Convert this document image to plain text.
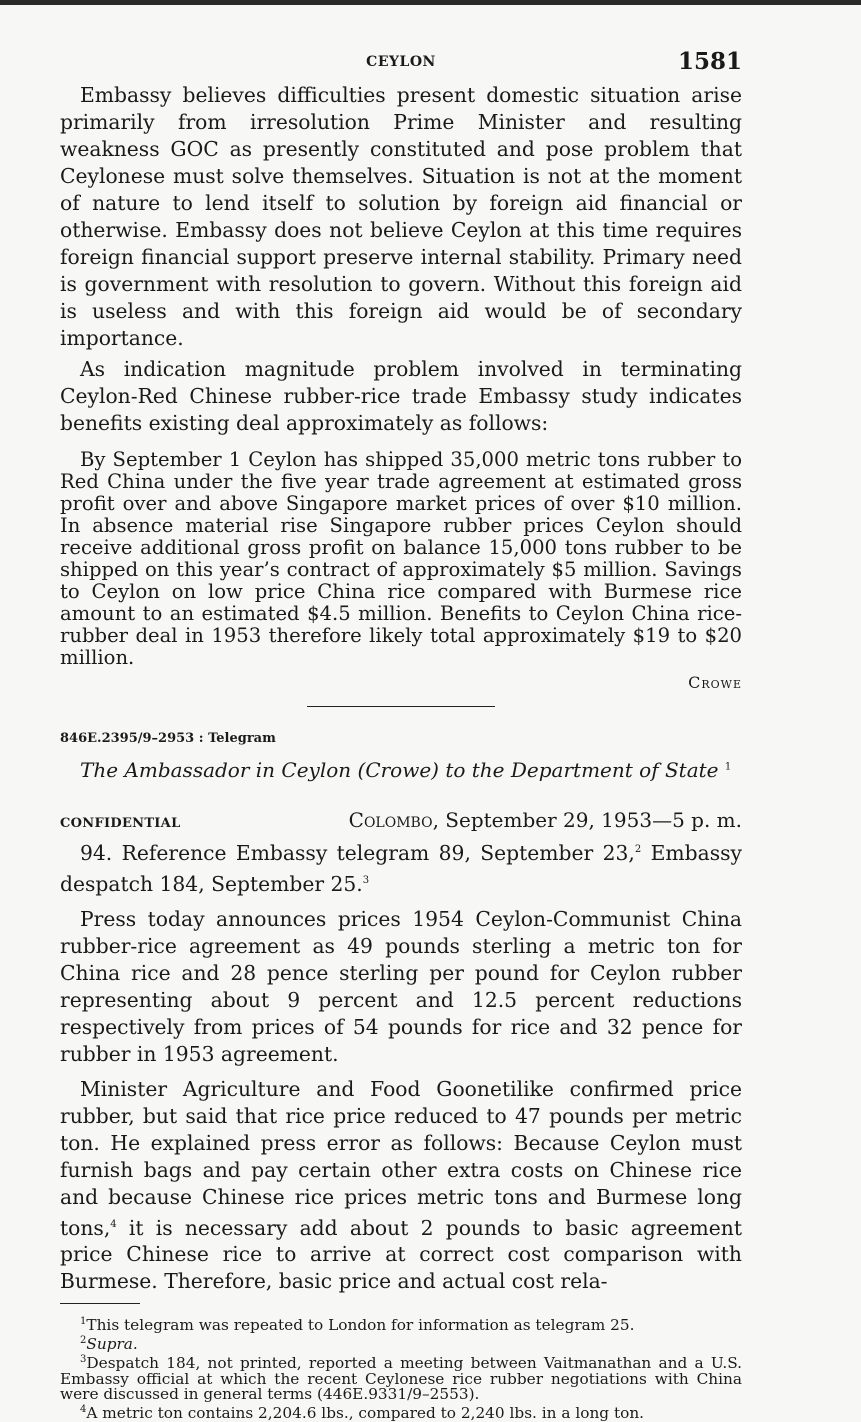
CEYLON	1581

Embassy believes difficulties present domestic situation arise primarily from irresolution Prime Minister and resulting weakness GOC as presently constituted and pose problem that Ceylonese must solve themselves. Situation is not at the moment of nature to lend itself to solution by foreign aid financial or otherwise. Embassy does not believe Ceylon at this time requires foreign financial support preserve internal stability. Primary need is government with resolution to govern. Without this foreign aid is useless and with this foreign aid would be of secondary importance.

As indication magnitude problem involved in terminating Ceylon-Red Chinese rubber-rice trade Embassy study indicates benefits existing deal approximately as follows:

By September 1 Ceylon has shipped 35,000 metric tons rubber to Red China under the five year trade agreement at estimated gross profit over and above Singapore market prices of over $10 million. In absence material rise Singapore rubber prices Ceylon should receive additional gross profit on balance 15,000 tons rubber to be shipped on this year’s contract of approximately $5 million. Savings to Ceylon on low price China rice compared with Burmese rice amount to an estimated $4.5 million. Benefits to Ceylon China rice-rubber deal in 1953 therefore likely total approximately $19 to $20 million.

Crowe
846E.2395/9–2953 : Telegram
The Ambassador in Ceylon (Crowe) to the Department of State $^1$
CONFIDENTIAL	Colombo, September 29, 1953—5 p. m.

94. Reference Embassy telegram 89, September 23,$^2$ Embassy despatch 184, September 25.$^3$

Press today announces prices 1954 Ceylon-Communist China rubber-rice agreement as 49 pounds sterling a metric ton for China rice and 28 pence sterling per pound for Ceylon rubber representing about 9 percent and 12.5 percent reductions respectively from prices of 54 pounds for rice and 32 pence for rubber in 1953 agreement.

Minister Agriculture and Food Goonetilike confirmed price rubber, but said that rice price reduced to 47 pounds per metric ton. He explained press error as follows: Because Ceylon must furnish bags and pay certain other extra costs on Chinese rice and because Chinese rice prices metric tons and Burmese long tons,$^4$ it is necessary add about 2 pounds to basic agreement price Chinese rice to arrive at correct cost comparison with Burmese. Therefore, basic price and actual cost rela-

$^1$This telegram was repeated to London for information as telegram 25.
$^2$Supra.
$^3$Despatch 184, not printed, reported a meeting between Vaitmanathan and a U.S. Embassy official at which the recent Ceylonese rice rubber negotiations with China were discussed in general terms (446E.9331/9–2553).
$^4$A metric ton contains 2,204.6 lbs., compared to 2,240 lbs. in a long ton.
